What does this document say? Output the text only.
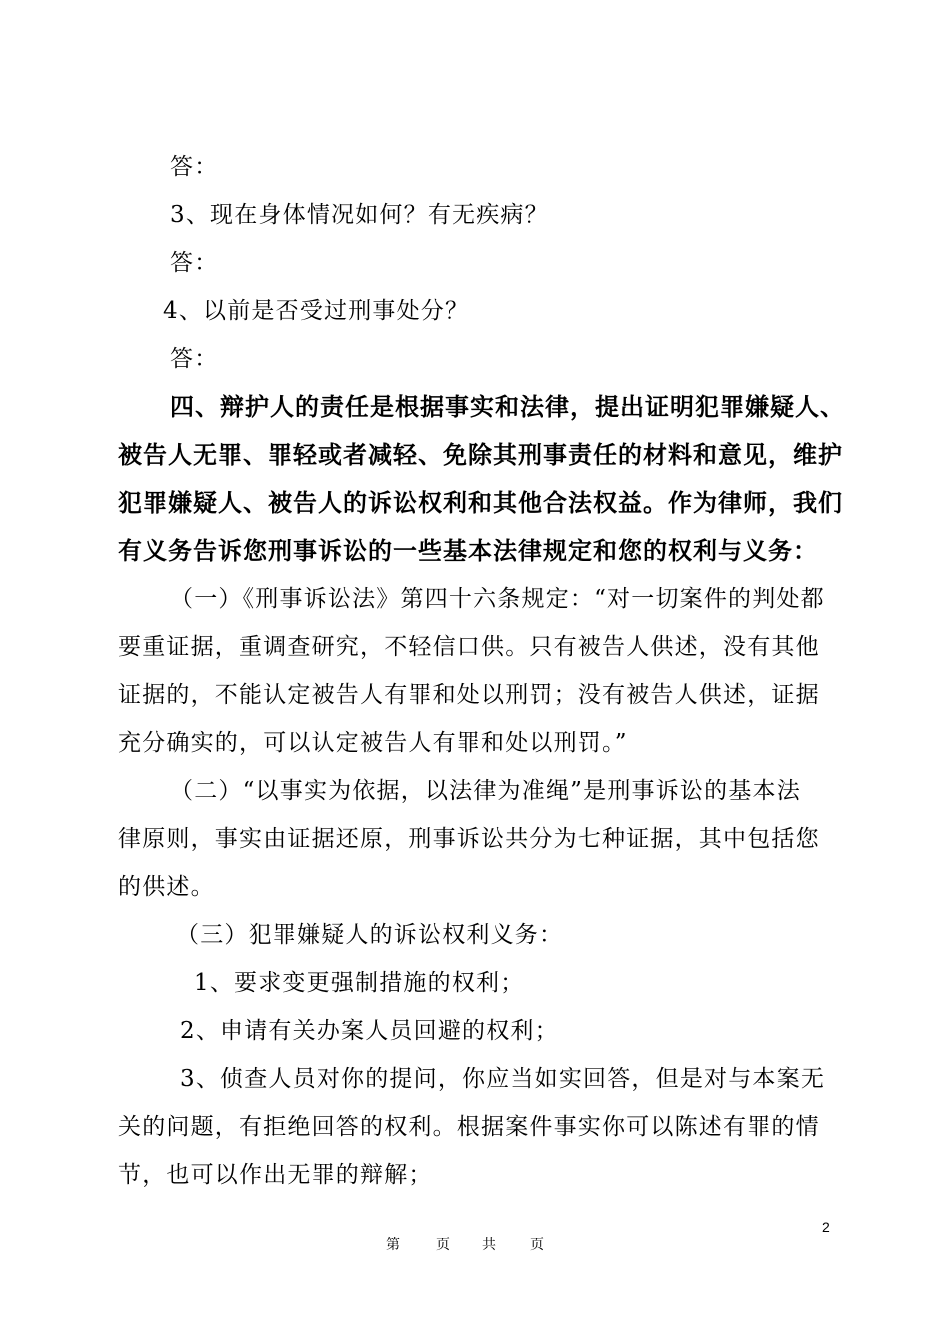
答：
3、现在身体情况如何？有无疾病？
答：
4、以前是否受过刑事处分？
答：
四、辩护人的责任是根据事实和法律，提出证明犯罪嫌疑人、
被告人无罪、罪轻或者减轻、免除其刑事责任的材料和意见，维护
犯罪嫌疑人、被告人的诉讼权利和其他合法权益。作为律师，我们
有义务告诉您刑事诉讼的一些基本法律规定和您的权利与义务：
（一）《刑事诉讼法》第四十六条规定：“对一切案件的判处都
要重证据，重调查研究，不轻信口供。只有被告人供述，没有其他
证据的，不能认定被告人有罪和处以刑罚；没有被告人供述，证据
充分确实的，可以认定被告人有罪和处以刑罚。”
（二）“以事实为依据，以法律为准绳”是刑事诉讼的基本法
律原则，事实由证据还原，刑事诉讼共分为七种证据，其中包括您
的供述。
（三）犯罪嫌疑人的诉讼权利义务：
1、要求变更强制措施的权利；
2、申请有关办案人员回避的权利；
3、侦查人员对你的提问，你应当如实回答，但是对与本案无
关的问题，有拒绝回答的权利。根据案件事实你可以陈述有罪的情
节，也可以作出无罪的辩解；
2
第	页 共 页
